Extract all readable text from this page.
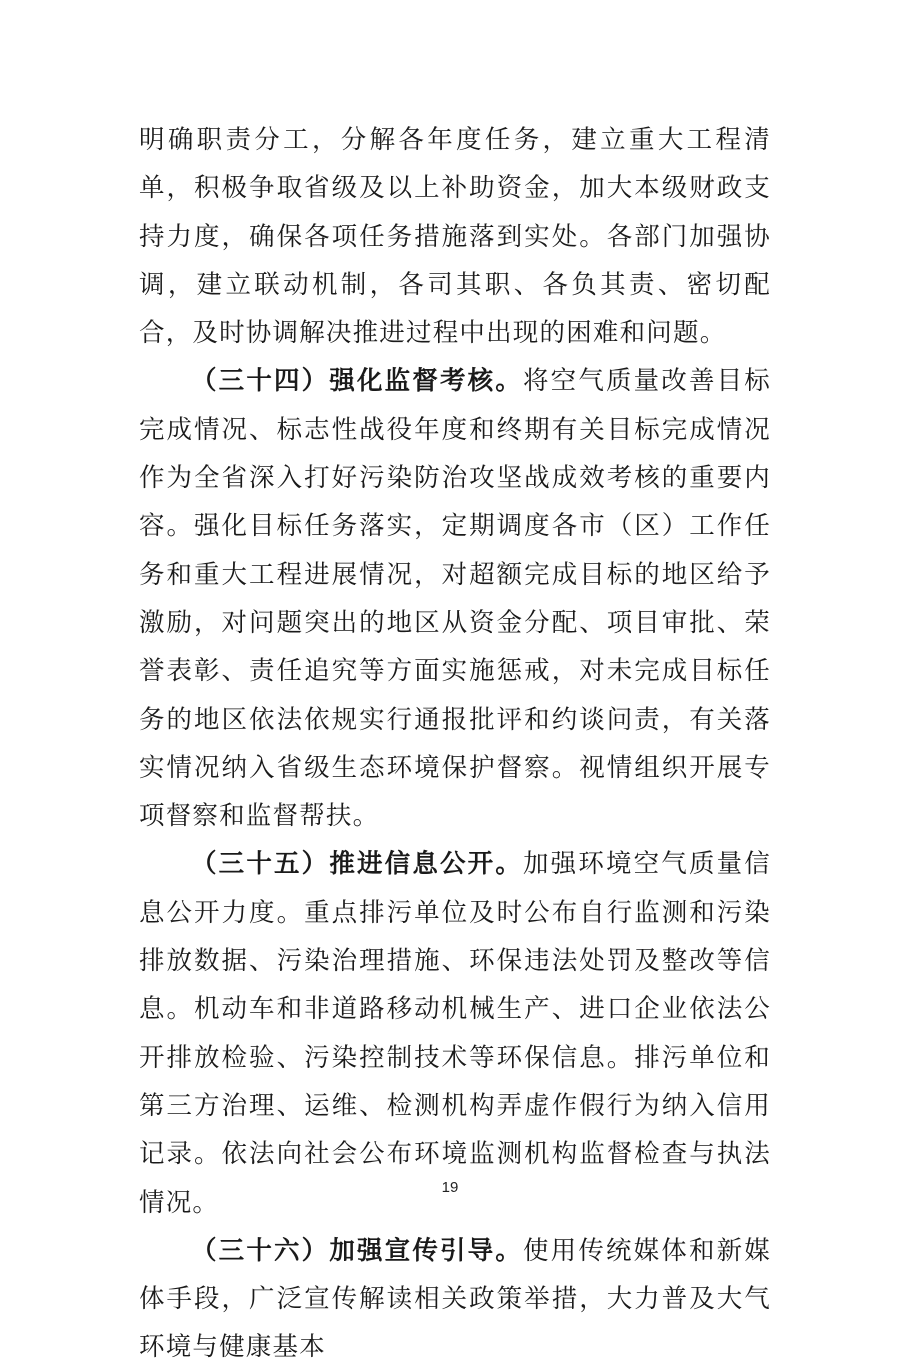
明确职责分工，分解各年度任务，建立重大工程清单，积极争取省级及以上补助资金，加大本级财政支持力度，确保各项任务措施落到实处。各部门加强协调，建立联动机制，各司其职、各负其责、密切配合，及时协调解决推进过程中出现的困难和问题。

（三十四）强化监督考核。将空气质量改善目标完成情况、标志性战役年度和终期有关目标完成情况作为全省深入打好污染防治攻坚战成效考核的重要内容。强化目标任务落实，定期调度各市（区）工作任务和重大工程进展情况，对超额完成目标的地区给予激励，对问题突出的地区从资金分配、项目审批、荣誉表彰、责任追究等方面实施惩戒，对未完成目标任务的地区依法依规实行通报批评和约谈问责，有关落实情况纳入省级生态环境保护督察。视情组织开展专项督察和监督帮扶。

（三十五）推进信息公开。加强环境空气质量信息公开力度。重点排污单位及时公布自行监测和污染排放数据、污染治理措施、环保违法处罚及整改等信息。机动车和非道路移动机械生产、进口企业依法公开排放检验、污染控制技术等环保信息。排污单位和第三方治理、运维、检测机构弄虚作假行为纳入信用记录。依法向社会公布环境监测机构监督检查与执法情况。

（三十六）加强宣传引导。使用传统媒体和新媒体手段，广泛宣传解读相关政策举措，大力普及大气环境与健康基本

19
